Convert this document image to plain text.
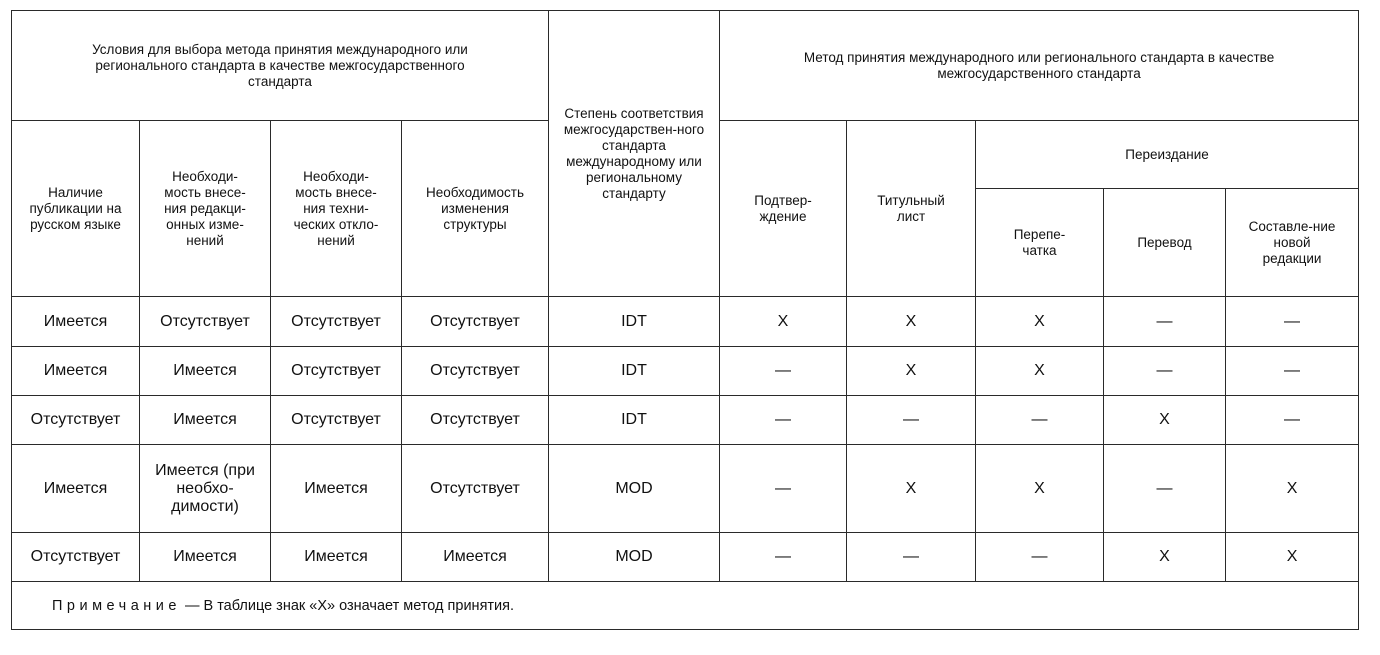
Условия для выбора метода принятия международного или регионального стандарта в качестве межгосударственного стандарта				Степень соответствия межгосударствен-ного стандарта международному или региональному стандарту	Метод принятия международного или регионального стандарта в качестве межгосударственного стандарта				
Наличие публикации на русском языке	Необходи-мость внесе-ния редакци-онных изме-нений	Необходи-мость внесе-ния техни-ческих откло-нений	Необходимость изменения структуры		Подтвер-ждение	Титульный лист	Переиздание		
							Перепе-чатка	Перевод	Составле-ние новой редакции
Имеется	Отсутствует	Отсутствует	Отсутствует	IDT	X	X	X	—	—
Имеется	Имеется	Отсутствует	Отсутствует	IDT	—	X	X	—	—
Отсутствует	Имеется	Отсутствует	Отсутствует	IDT	—	—	—	X	—
Имеется	Имеется (при необхо-димости)	Имеется	Отсутствует	MOD	—	X	X	—	X
Отсутствует	Имеется	Имеется	Имеется	MOD	—	—	—	X	X
Примечание — В таблице знак «X» означает метод принятия.									
